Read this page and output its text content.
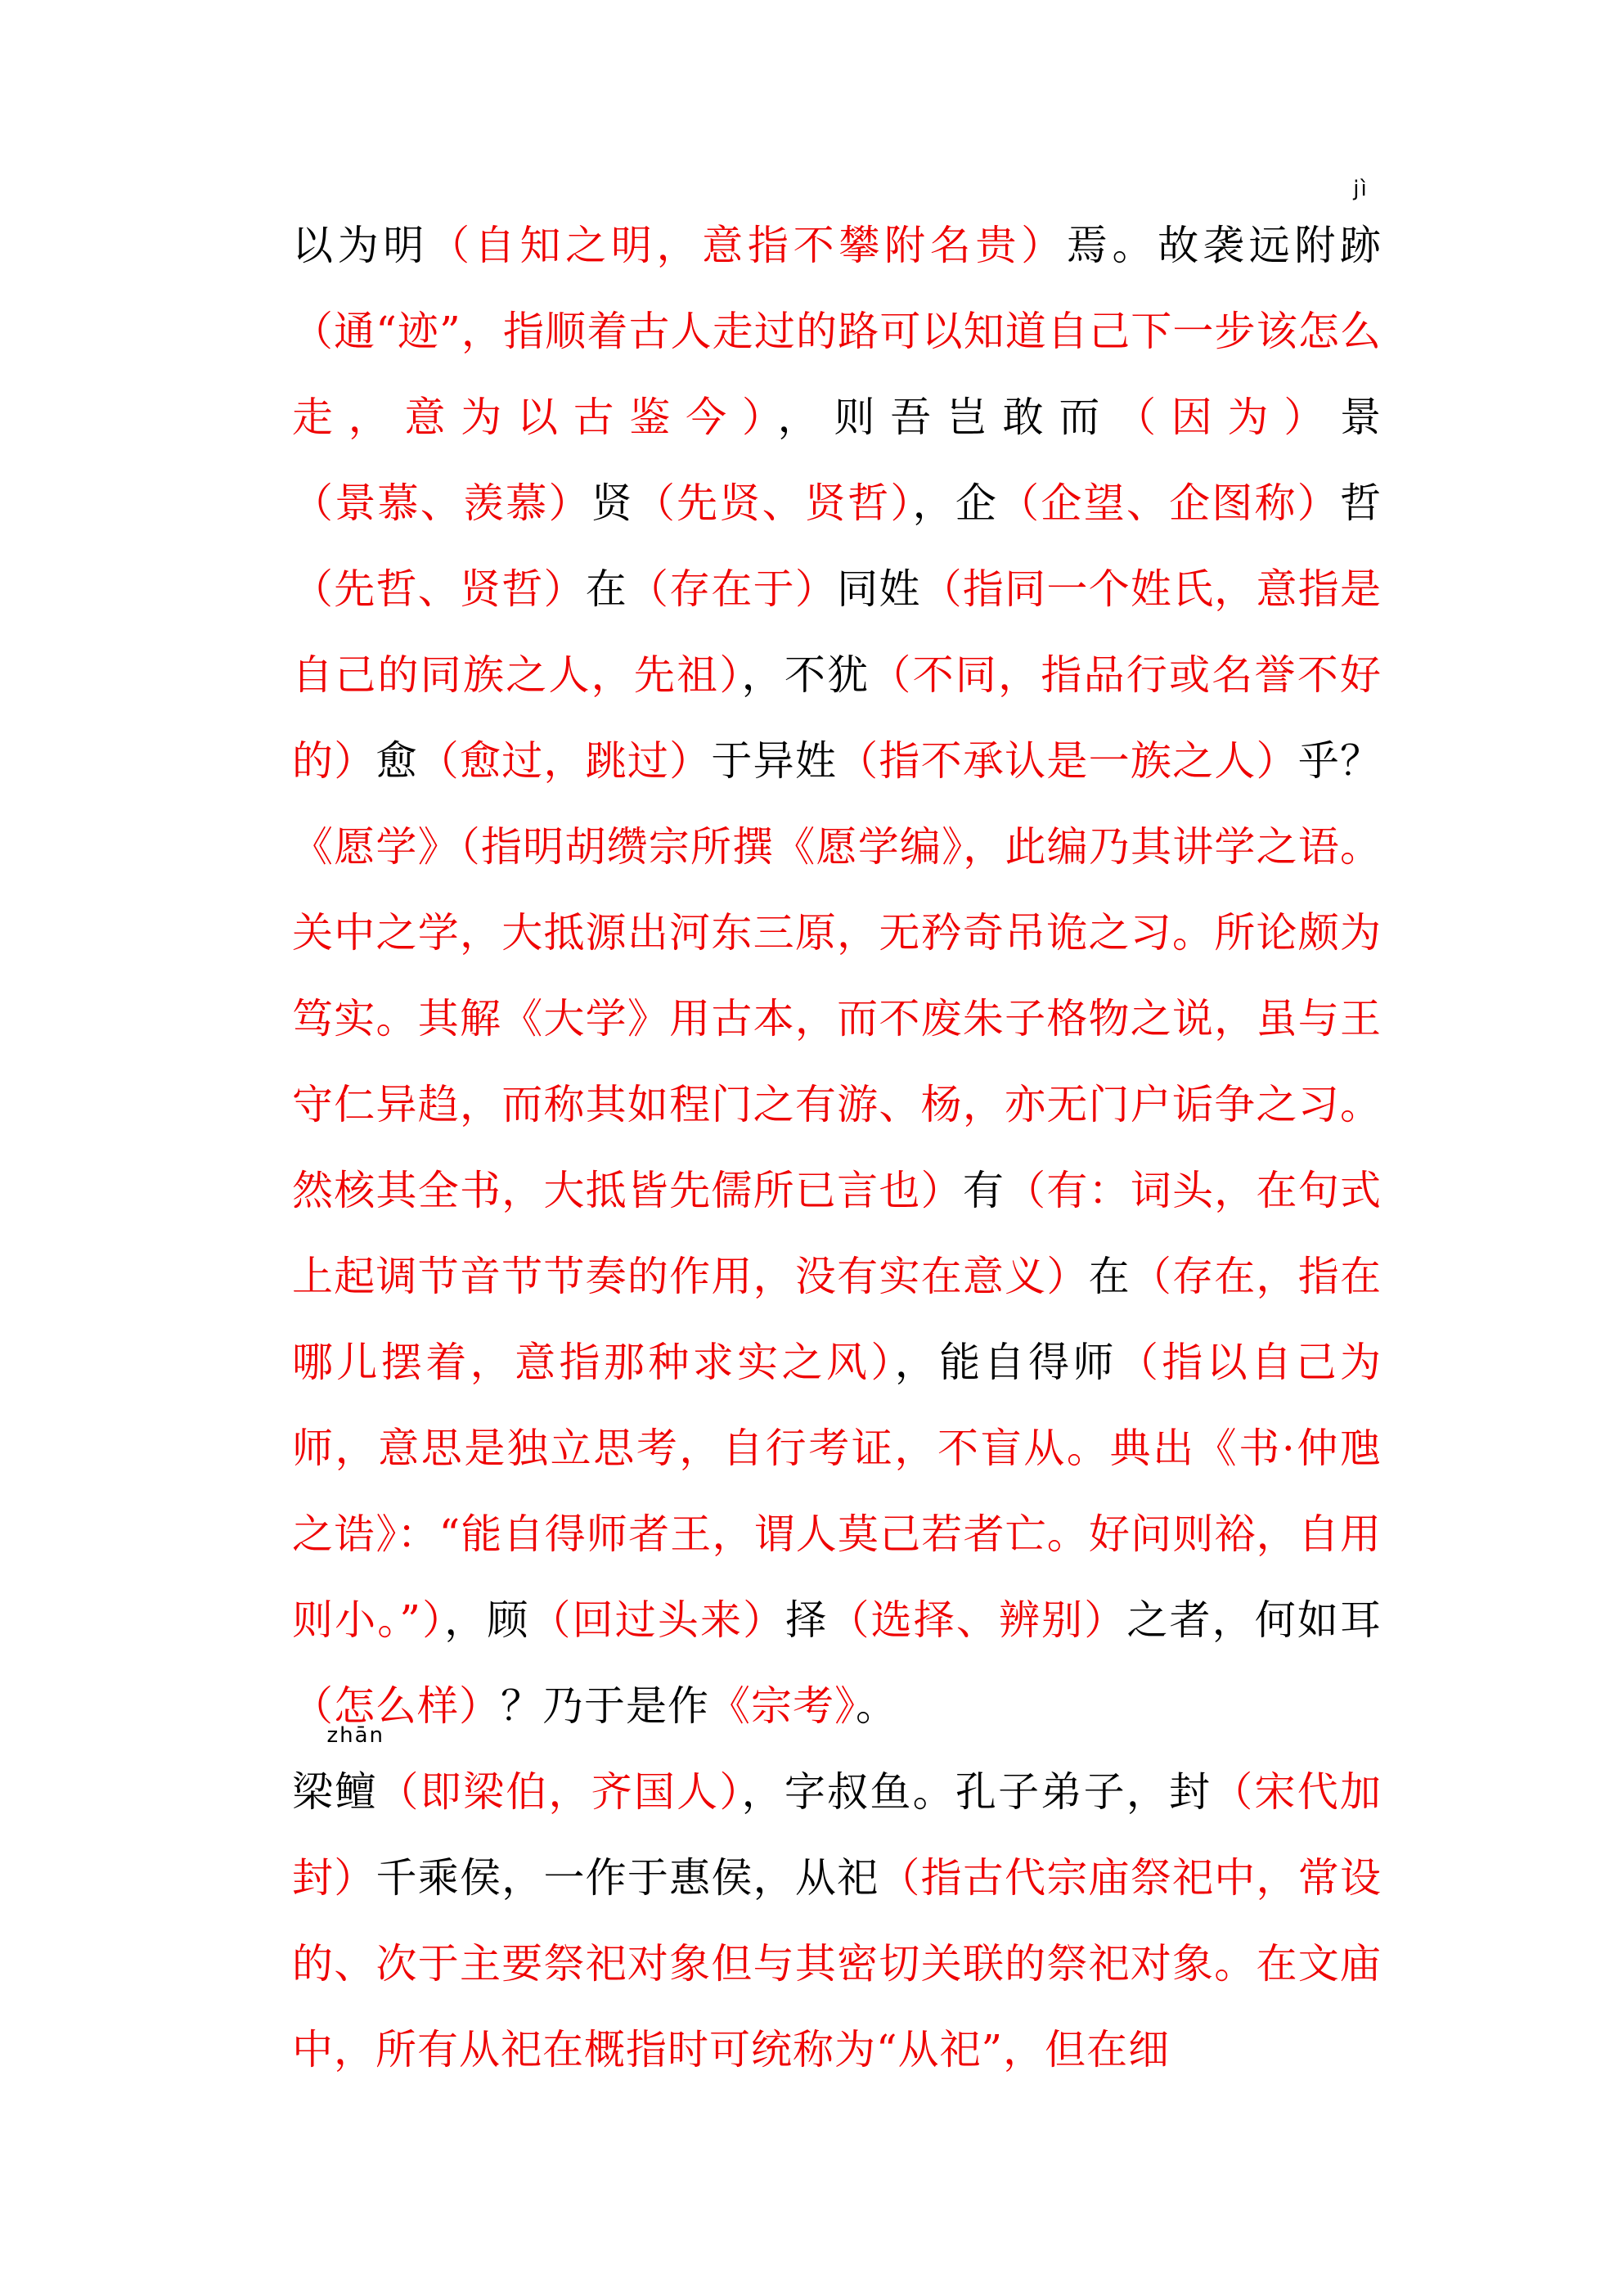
以为明（自知之明，意指不攀附名贵）焉。故袭远附跡
jì
（通“迹”，指顺着古人走过的路可以知道自己下一步该怎么走，意为以古鉴今），则吾岂敢而（因为）景（景慕、羡慕）贤（先贤、贤哲），企（企望、企图称）哲（先哲、贤哲）在（存在于）同姓（指同一个姓氏，意指是自己的同族之人，先祖），不犹（不同，指品行或名誉不好的）愈（愈过，跳过）于异姓（指不承认是一族之人）乎？《愿学》（指明胡缵宗所撰《愿学编》，此编乃其讲学之语。关中之学，大抵源出河东三原，无矜奇吊诡之习。所论颇为笃实。其解《大学》用古本，而不废朱子格物之说，虽与王守仁异趋，而称其如程门之有游、杨，亦无门户诟争之习。然核其全书，大抵皆先儒所已言也）有（有：词头，在句式上起调节音节节奏的作用，没有实在意义）在（存在，指在哪儿摆着，意指那种求实之风），能自得师（指以自己为师，意思是独立思考，自行考证，不盲从。典出《书·仲虺之诰》：“能自得师者王，谓人莫己若者亡。好问则裕，自用则小。”），顾（回过头来）择（选择、辨别）之者，何如耳（怎么样）？乃于是作《宗考》。

梁鳣
zhān
（即梁伯，齐国人），字叔鱼。孔子弟子，封（宋代加封）千乘侯，一作于惠侯，从祀（指古代宗庙祭祀中，常设的、次于主要祭祀对象但与其密切关联的祭祀对象。在文庙中，所有从祀在概指时可统称为“从祀”，但在细
